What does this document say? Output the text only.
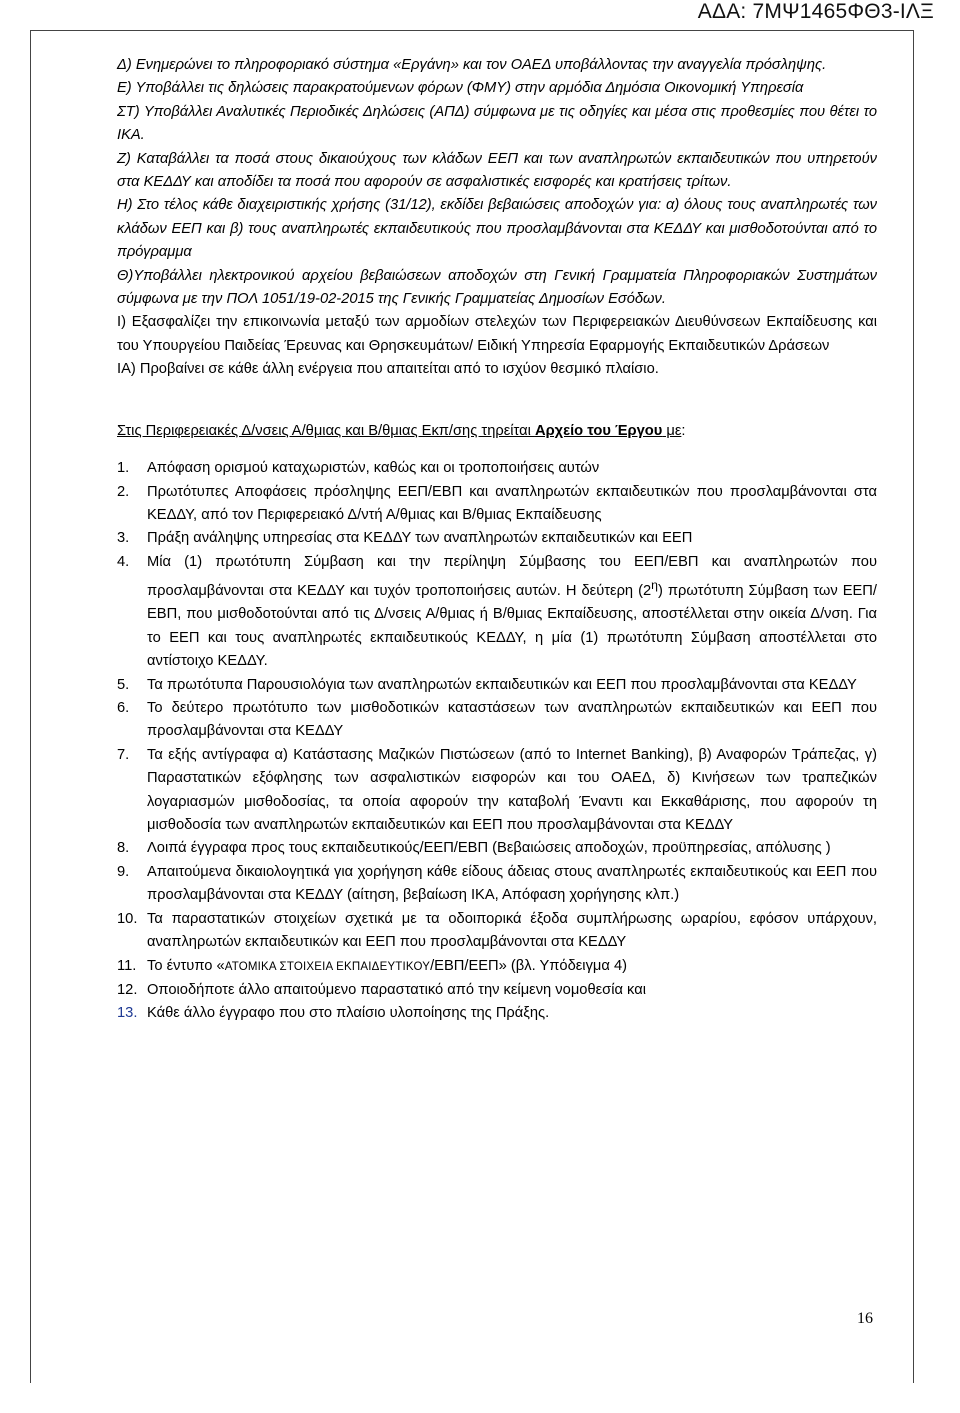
ΑΔΑ: 7ΜΨ1465ΦΘ3-ΙΛΞ

Δ) Ενημερώνει το πληροφοριακό σύστημα «Εργάνη» και τον ΟΑΕΔ υποβάλλοντας την αναγγελία πρόσληψης.

Ε) Υποβάλλει τις δηλώσεις παρακρατούμενων φόρων (ΦΜΥ) στην αρμόδια Δημόσια Οικονομική Υπηρεσία

ΣΤ) Υποβάλλει Αναλυτικές Περιοδικές Δηλώσεις (ΑΠΔ) σύμφωνα με τις οδηγίες και μέσα στις προθεσμίες που θέτει το ΙΚΑ.

Ζ) Καταβάλλει τα ποσά στους δικαιούχους των κλάδων ΕΕΠ και των αναπληρωτών εκπαιδευτικών που υπηρετούν στα ΚΕΔΔΥ και αποδίδει τα ποσά που αφορούν σε ασφαλιστικές εισφορές και κρατήσεις τρίτων.

Η) Στο τέλος κάθε διαχειριστικής χρήσης (31/12), εκδίδει βεβαιώσεις αποδοχών για: α) όλους τους αναπληρωτές των κλάδων ΕΕΠ και β) τους αναπληρωτές εκπαιδευτικούς που προσλαμβάνονται στα ΚΕΔΔΥ και μισθοδοτούνται από το πρόγραμμα

Θ)Υποβάλλει ηλεκτρονικού αρχείου βεβαιώσεων αποδοχών στη Γενική Γραμματεία Πληροφοριακών Συστημάτων σύμφωνα με την ΠΟΛ 1051/19-02-2015 της Γενικής Γραμματείας Δημοσίων Εσόδων.

Ι) Εξασφαλίζει την επικοινωνία μεταξύ των αρμοδίων στελεχών των Περιφερειακών Διευθύνσεων Εκπαίδευσης και του Υπουργείου Παιδείας Έρευνας και Θρησκευμάτων/ Ειδική Υπηρεσία Εφαρμογής Εκπαιδευτικών Δράσεων

ΙΑ) Προβαίνει σε κάθε άλλη ενέργεια που απαιτείται από το ισχύον θεσμικό πλαίσιο.

Στις Περιφερειακές Δ/νσεις Α/θμιας και Β/θμιας Εκπ/σης τηρείται Αρχείο του Έργου με:

1. Απόφαση ορισμού καταχωριστών, καθώς και οι τροποποιήσεις αυτών
2. Πρωτότυπες Αποφάσεις πρόσληψης ΕΕΠ/ΕΒΠ και αναπληρωτών εκπαιδευτικών που προσλαμβάνονται στα ΚΕΔΔΥ, από τον Περιφερειακό Δ/ντή Α/θμιας και Β/θμιας Εκπαίδευσης
3. Πράξη ανάληψης υπηρεσίας στα ΚΕΔΔΥ των αναπληρωτών εκπαιδευτικών και ΕΕΠ
4. Μία (1) πρωτότυπη Σύμβαση και την περίληψη Σύμβασης του ΕΕΠ/ΕΒΠ και αναπληρωτών που προσλαμβάνονται στα ΚΕΔΔΥ και τυχόν τροποποιήσεις αυτών. Η δεύτερη $(2^\eta)$ πρωτότυπη Σύμβαση των ΕΕΠ/ΕΒΠ, που μισθοδοτούνται από τις Δ/νσεις Α/θμιας ή Β/θμιας Εκπαίδευσης, αποστέλλεται στην οικεία Δ/νση. Για το ΕΕΠ και τους αναπληρωτές εκπαιδευτικούς ΚΕΔΔΥ, η μία (1) πρωτότυπη Σύμβαση αποστέλλεται στο αντίστοιχο ΚΕΔΔΥ.
5. Τα πρωτότυπα Παρουσιολόγια των αναπληρωτών εκπαιδευτικών και ΕΕΠ που προσλαμβάνονται στα ΚΕΔΔΥ
6. Το δεύτερο πρωτότυπο των μισθοδοτικών καταστάσεων των αναπληρωτών εκπαιδευτικών και ΕΕΠ που προσλαμβάνονται στα ΚΕΔΔΥ
7. Τα εξής αντίγραφα α) Κατάστασης Μαζικών Πιστώσεων (από το Internet Banking), β) Αναφορών Τράπεζας, γ) Παραστατικών εξόφλησης των ασφαλιστικών εισφορών και του ΟΑΕΔ, δ) Κινήσεων των τραπεζικών λογαριασμών μισθοδοσίας, τα οποία αφορούν την καταβολή Έναντι και Εκκαθάρισης, που αφορούν τη μισθοδοσία των αναπληρωτών εκπαιδευτικών και ΕΕΠ που προσλαμβάνονται στα ΚΕΔΔΥ
8. Λοιπά έγγραφα προς τους εκπαιδευτικούς/ΕΕΠ/ΕΒΠ (Βεβαιώσεις αποδοχών, προϋπηρεσίας, απόλυσης )
9. Απαιτούμενα δικαιολογητικά για χορήγηση κάθε είδους άδειας στους αναπληρωτές εκπαιδευτικούς και ΕΕΠ που προσλαμβάνονται στα ΚΕΔΔΥ (αίτηση, βεβαίωση ΙΚΑ, Απόφαση χορήγησης κλπ.)
10. Τα παραστατικών στοιχείων σχετικά με τα οδοιπορικά έξοδα συμπλήρωσης ωραρίου, εφόσον υπάρχουν, αναπληρωτών εκπαιδευτικών και ΕΕΠ που προσλαμβάνονται στα ΚΕΔΔΥ
11. Το έντυπο «ΑΤΟΜΙΚΑ ΣΤΟΙΧΕΙΑ ΕΚΠΑΙΔΕΥΤΙΚΟΥ/ΕΒΠ/ΕΕΠ» (βλ. Υπόδειγμα 4)
12. Οποιοδήποτε άλλο απαιτούμενο παραστατικό από την κείμενη νομοθεσία και
13. Κάθε άλλο έγγραφο που στο πλαίσιο υλοποίησης της Πράξης.
16
